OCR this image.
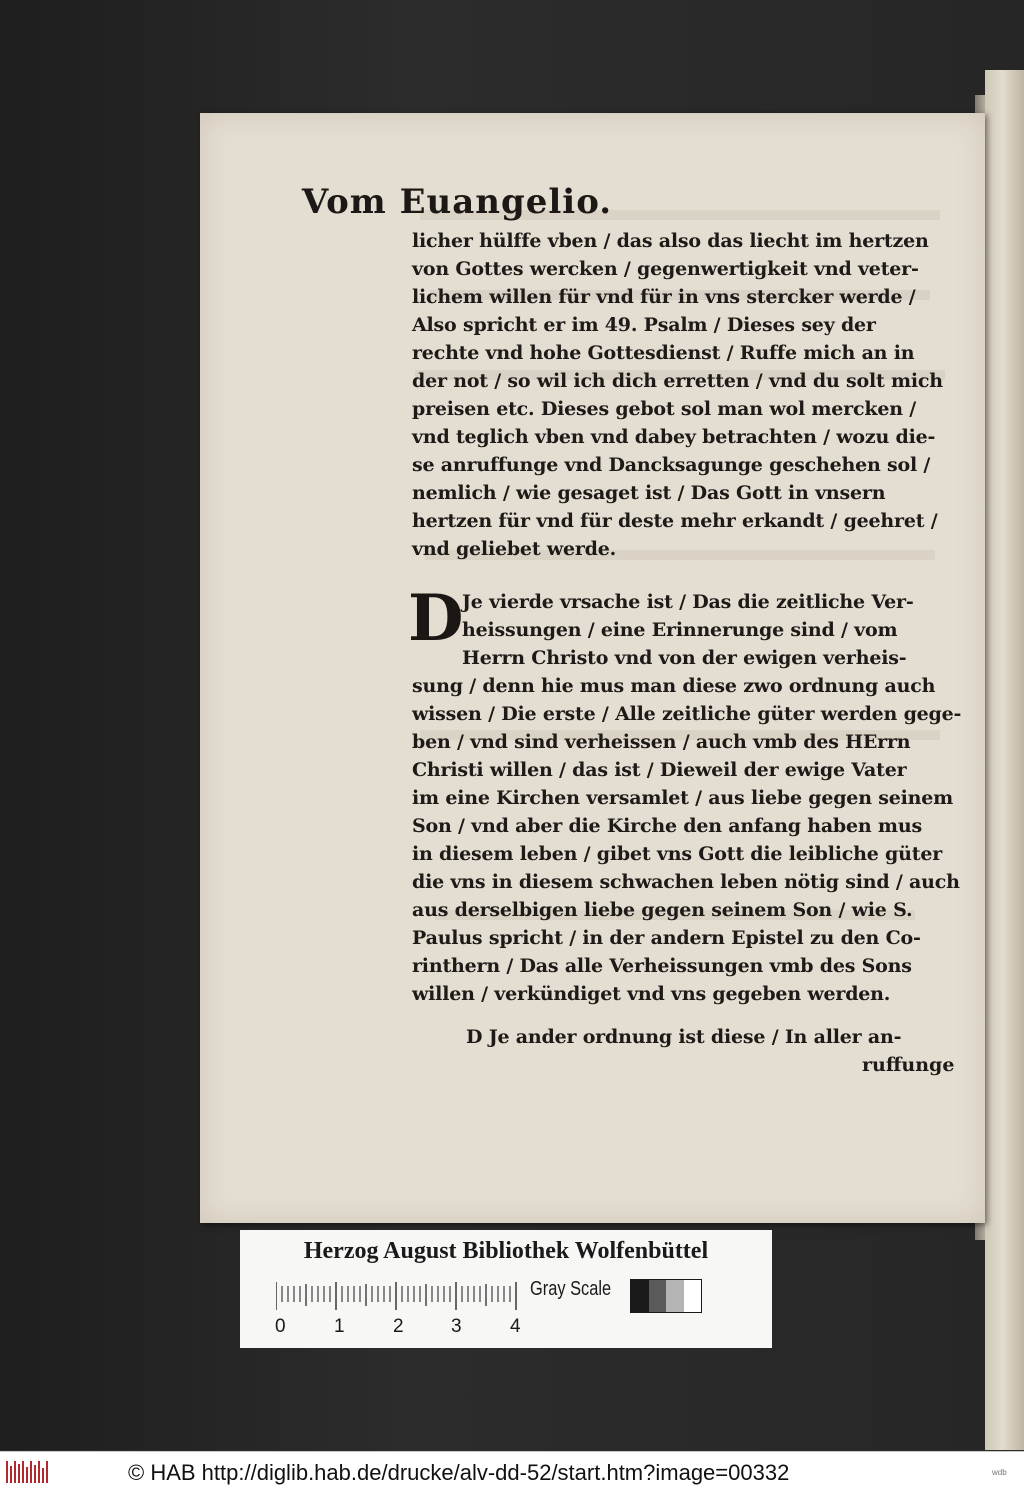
Vom Euangelio.
licher hülffe vben / das also das liecht im hertzen
von Gottes wercken / gegenwertigkeit vnd veter-
lichem willen für vnd für in vns stercker werde /
Also spricht er im 49. Psalm / Dieses sey der
rechte vnd hohe Gottesdienst / Ruffe mich an in
der not / so wil ich dich erretten / vnd du solt mich
preisen etc. Dieses gebot sol man wol mercken /
vnd teglich vben vnd dabey betrachten / wozu die-
se anruffunge vnd Dancksagunge geschehen sol /
nemlich / wie gesaget ist / Das Gott in vnsern
hertzen für vnd für deste mehr erkandt / geehret /
vnd geliebet werde.
D
Je vierde vrsache ist / Das die zeitliche Ver-
heissungen / eine Erinnerunge sind / vom
Herrn Christo vnd von der ewigen verheis-
sung / denn hie mus man diese zwo ordnung auch
wissen / Die erste / Alle zeitliche güter werden gege-
ben / vnd sind verheissen / auch vmb des HErrn
Christi willen / das ist / Dieweil der ewige Vater
im eine Kirchen versamlet / aus liebe gegen seinem
Son / vnd aber die Kirche den anfang haben mus
in diesem leben / gibet vns Gott die leibliche güter
die vns in diesem schwachen leben nötig sind / auch
aus derselbigen liebe gegen seinem Son / wie S.
Paulus spricht / in der andern Epistel zu den Co-
rinthern / Das alle Verheissungen vmb des Sons
willen / verkündiget vnd vns gegeben werden.
D Je ander ordnung ist diese / In aller an-
ruffunge
Herzog August Bibliothek Wolfenbüttel
0	1	2 3	4
Gray Scale
© HAB http://diglib.hab.de/drucke/alv-dd-52/start.htm?image=00332	wdb
